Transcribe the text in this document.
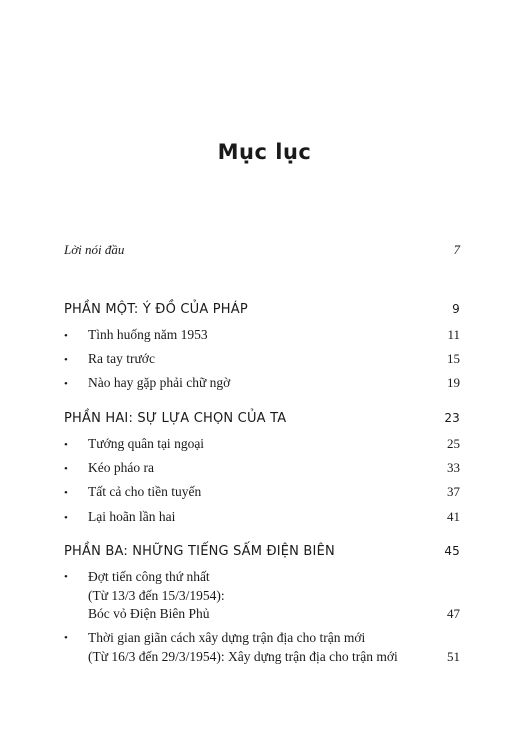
Mục lục
Lời nói đầu	7
PHẦN MỘT: Ý ĐỒ CỦA PHÁP	9
•	Tình huống năm 1953	11
•	Ra tay trước	15
•	Nào hay gặp phải chữ ngờ	19
PHẦN HAI: SỰ LỰA CHỌN CỦA TA	23
•	Tướng quân tại ngoại	25
•	Kéo pháo ra	33
•	Tất cả cho tiền tuyến	37
•	Lại hoãn lần hai	41
PHẦN BA: NHỮNG TIẾNG SẤM ĐIỆN BIÊN	45
•	Đợt tiến công thứ nhất
(Từ 13/3 đến 15/3/1954):
Bóc vỏ Điện Biên Phủ	47
•	Thời gian giãn cách xây dựng trận địa cho trận mới
(Từ 16/3 đến 29/3/1954): Xây dựng trận địa cho trận mới	51
